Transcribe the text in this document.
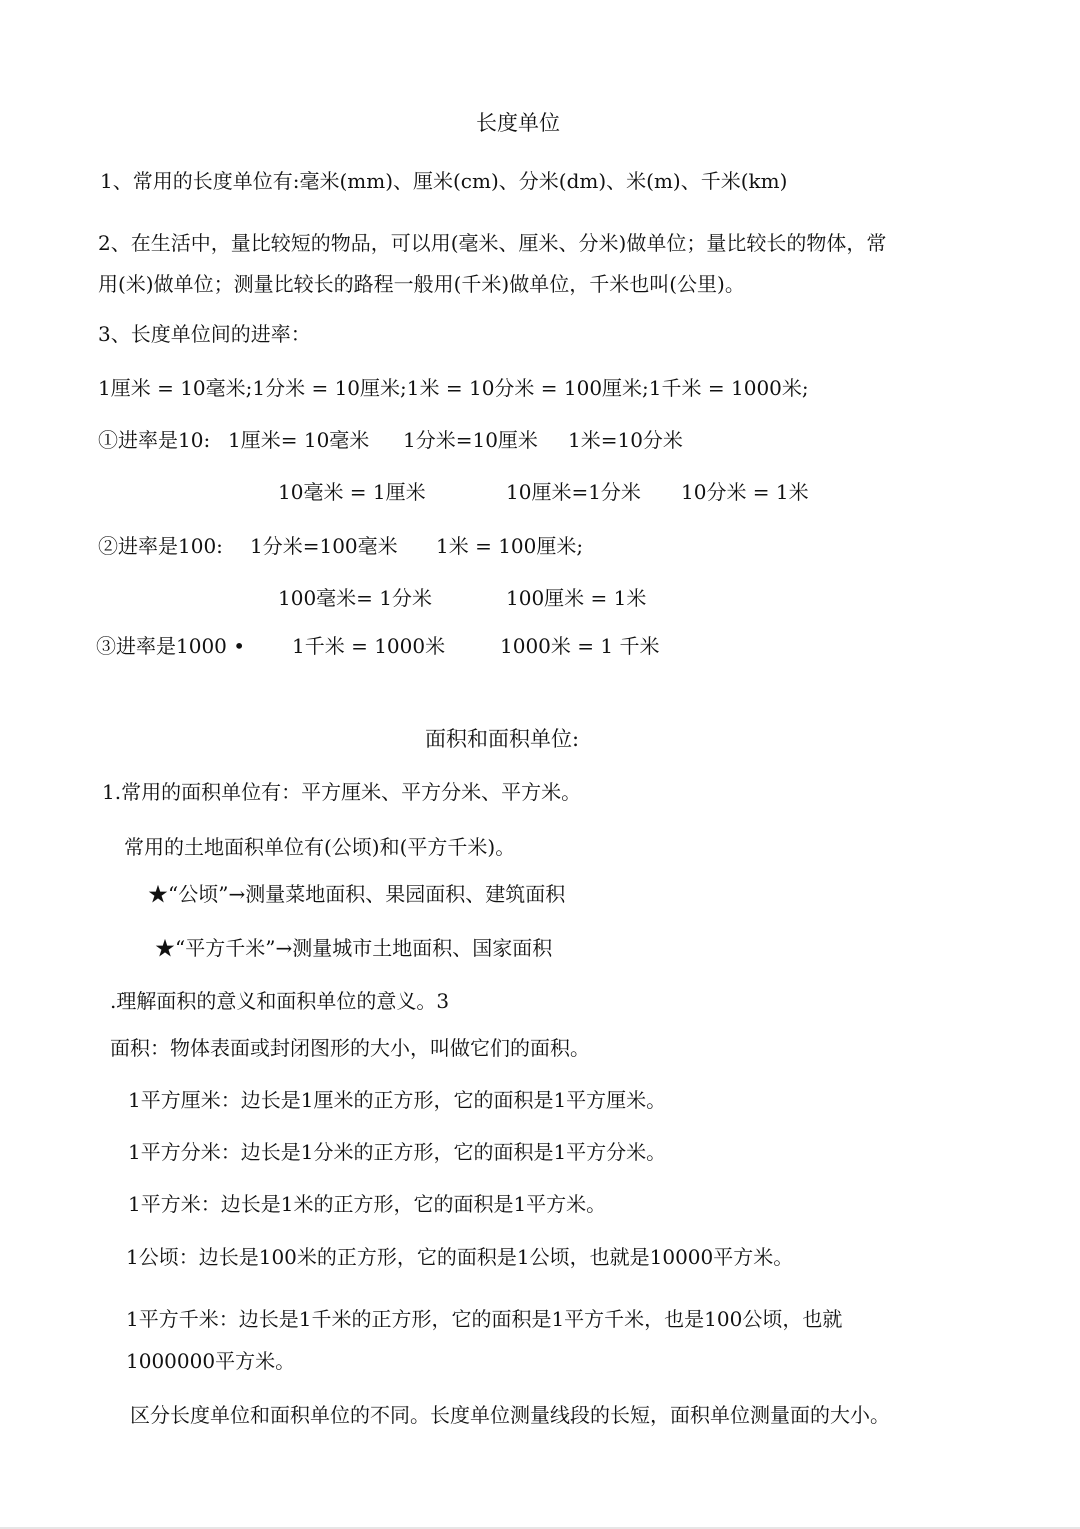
长度单位
1、常用的长度单位有:毫米(mm)、厘米(cm)、分米(dm)、米(m)、千米(km)
2、在生活中，量比较短的物品，可以用(毫米、厘米、分米)做单位；量比较长的物体，常
用(米)做单位；测量比较长的路程一般用(千米)做单位，千米也叫(公里)。
3、长度单位间的进率：
1厘米 = 10毫米;1分米 = 10厘米;1米 = 10分米 = 100厘米;1千米 = 1000米;
①进率是10: 1厘米= 10毫米 1分米=10厘米 1米=10分米
10毫米 = 1厘米	10厘米=1分米 10分米 = 1米
②进率是100: 1分米=100毫米 1米 = 100厘米;
100毫米= 1分米	100厘米 = 1米
③进率是1000 • 1千米 = 1000米	1000米 = 1 千米
面积和面积单位:
1.常用的面积单位有：平方厘米、平方分米、平方米。
常用的土地面积单位有(公顷)和(平方千米)。
★“公顷”→测量菜地面积、果园面积、建筑面积
★“平方千米”→测量城市土地面积、国家面积
.理解面积的意义和面积单位的意义。3
面积：物体表面或封闭图形的大小，叫做它们的面积。
1平方厘米：边长是1厘米的正方形，它的面积是1平方厘米。
1平方分米：边长是1分米的正方形，它的面积是1平方分米。
1平方米：边长是1米的正方形，它的面积是1平方米。
1公顷：边长是100米的正方形，它的面积是1公顷，也就是10000平方米。
1平方千米：边长是1千米的正方形，它的面积是1平方千米，也是100公顷，也就
1000000平方米。
区分长度单位和面积单位的不同。长度单位测量线段的长短，面积单位测量面的大小。
